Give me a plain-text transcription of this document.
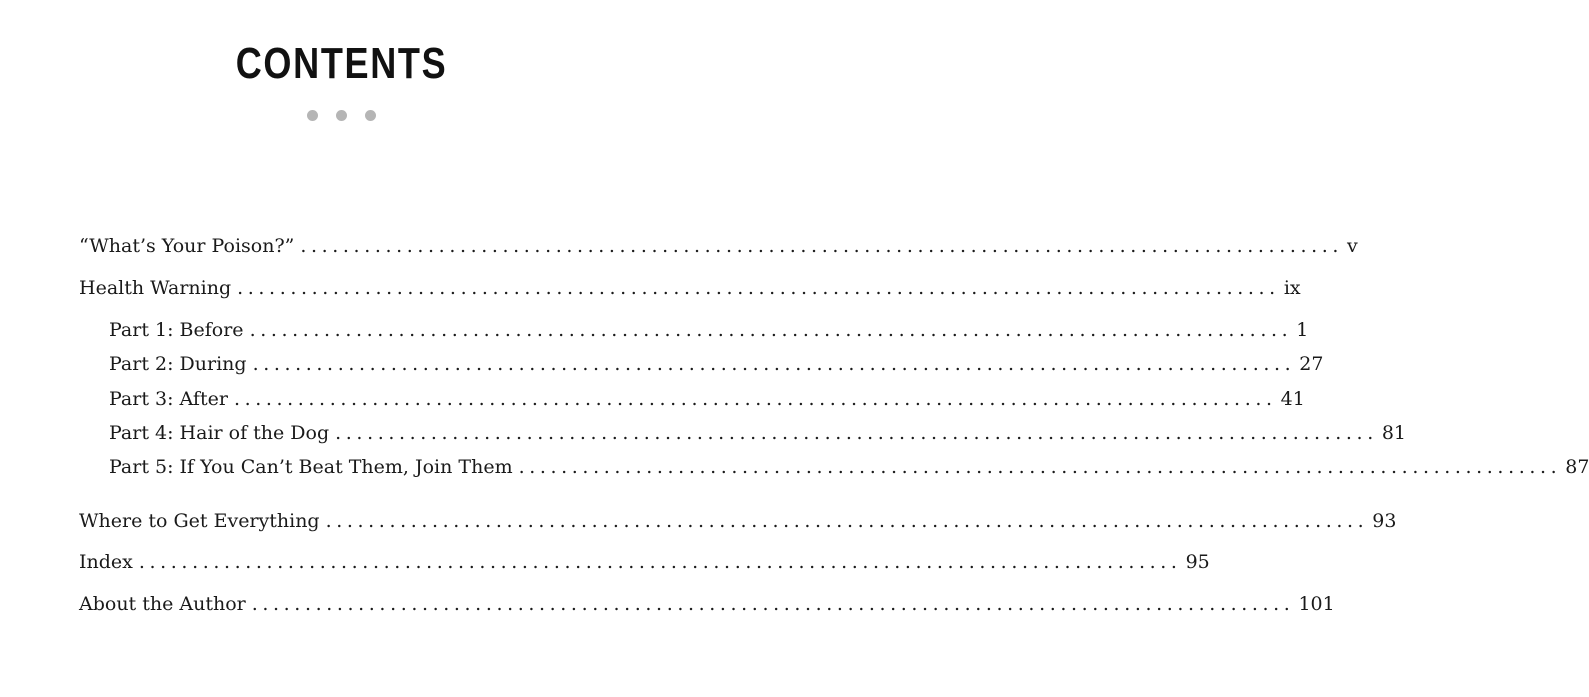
CONTENTS
“What’s Your Poison?” .................................................................................................. v
Health Warning .................................................................................................. ix
Part 1: Before .................................................................................................. 1
Part 2: During .................................................................................................. 27
Part 3: After .................................................................................................. 41
Part 4: Hair of the Dog .................................................................................................. 81
Part 5: If You Can’t Beat Them, Join Them .................................................................................................. 87
Where to Get Everything .................................................................................................. 93
Index .................................................................................................. 95
About the Author .................................................................................................. 101
